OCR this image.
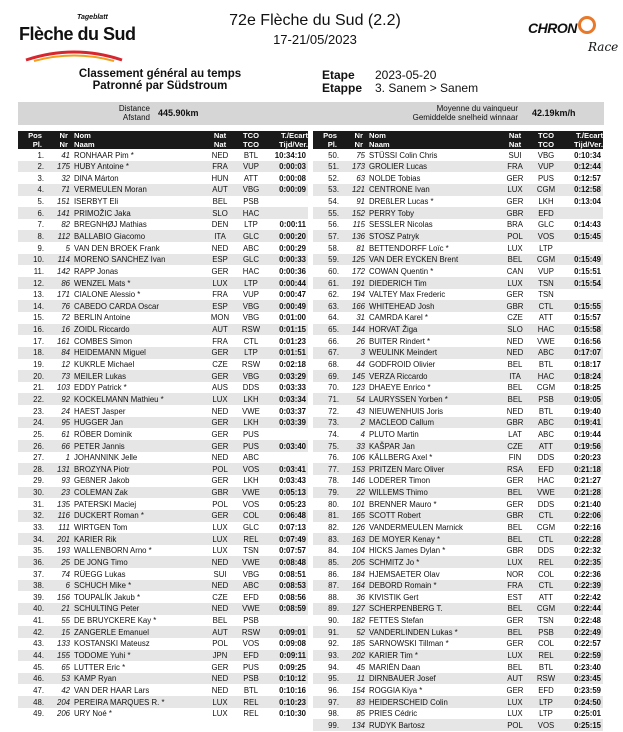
Tageblatt
Flèche du Sud
72e Flèche du Sud (2.2)
17-21/05/2023
CHRON
Race
Classement général au temps
Patronné par Südstroum
Etape
Etappe
2023-05-20
3. Sanem > Sanem
Distance
Afstand 445.90km	Moyenne du vainqueur
Gemiddelde snelheid winnaar 42.19km/h
Pos
Pl.
Nr
Nr
Nom
Naam
Nat
Nat
TCO
TCO
T./Ecart
Tijd/Ver.
1.	41 RONHAAR Pim *	NED	BTL	10:34:10
2.	175 HUBY Antoine *	FRA	VUP	0:00:03
3.	32 DINA Márton	HUN	ATT	0:00:08
4.	71 VERMEULEN Moran	AUT	VBG	0:00:09
5.	151 ISERBYT Eli	BEL	PSB
6.	141 PRIMOŽIC Jaka	SLO	HAC
7.	82 BREGNHØJ Mathias	DEN	LTP	0:00:11
8.	112 BALLABIO Giacomo	ITA	GLC	0:00:20
9.	5 VAN DEN BROEK Frank	NED	ABC	0:00:29
10.	114 MORENO SANCHEZ Ivan	ESP	GLC	0:00:33
11.	142 RAPP Jonas	GER	HAC	0:00:36
12.	86 WENZEL Mats *	LUX	LTP	0:00:44
13.	171 CIALONE Alessio *	FRA	VUP	0:00:47
14.	76 CABEDO CARDA Oscar	ESP	VBG	0:00:49
15.	72 BERLIN Antoine	MON	VBG	0:01:00
16.	16 ZOIDL Riccardo	AUT	RSW	0:01:15
17.	161 COMBES Simon	FRA	CTL	0:01:23
18.	84 HEIDEMANN Miguel	GER	LTP	0:01:51
19.	12 KUKRLE Michael	CZE	RSW	0:02:18
20.	73 MEILER Lukas	GER	VBG	0:03:29
21.	103 EDDY Patrick *	AUS	DDS	0:03:33
22.	92 KOCKELMANN Mathieu *	LUX	LKH	0:03:34
23.	24 HAEST Jasper	NED	VWE	0:03:37
24.	95 HUGGER Jan	GER	LKH	0:03:39
25.	61 RÖBER Dominik	GER	PUS
26.	66 PETER Jannis	GER	PUS	0:03:40
27.	1 JOHANNINK Jelle	NED	ABC
28.	131 BROZYNA Piotr	POL	VOS	0:03:41
29.	93 GEßNER Jakob	GER	LKH	0:03:43
30.	23 COLEMAN Zak	GBR	VWE	0:05:13
31.	135 PATERSKI Maciej	POL	VOS	0:05:23
32.	116 DUCKERT Roman *	GER	COL	0:06:48
33.	111 WIRTGEN Tom	LUX	GLC	0:07:13
34.	201 KARIER Rik	LUX	REL	0:07:49
35.	193 WALLENBORN Arno *	LUX	TSN	0:07:57
36.	25 DE JONG Timo	NED	VWE	0:08:48
37.	74 RÜEGG Lukas	SUI	VBG	0:08:51
38.	6 SCHUCH Mike *	NED	ABC	0:08:53
39.	156 TOUPALÍK Jakub *	CZE	EFD	0:08:56
40.	21 SCHULTING Peter	NED	VWE	0:08:59
41.	55 DE BRUYCKERE Kay *	BEL	PSB
42.	15 ZANGERLE Emanuel	AUT	RSW	0:09:01
43.	133 KOSTANSKI Mateusz	POL	VOS	0:09:08
44.	155 TODOME Yuhi *	JPN	EFD	0:09:11
45.	65 LUTTER Eric *	GER	PUS	0:09:25
46.	53 KAMP Ryan	NED	PSB	0:10:12
47.	42 VAN DER HAAR Lars	NED	BTL	0:10:16
48.	204 PEREIRA MARQUES R. *	LUX	REL	0:10:23
49.	206 URY Noé *	LUX	REL	0:10:30
Pos
Pl.
Nr
Nr
Nom
Naam
Nat
Nat
TCO
TCO
T./Ecart
Tijd/Ver.
50.	75 STÜSSI Colin Chris	SUI	VBG	0:10:34
51.	173 GROLIER Lucas	FRA	VUP	0:12:44
52.	63 NOLDE Tobias	GER	PUS	0:12:57
53.	121 CENTRONE Ivan	LUX	CGM	0:12:58
54.	91 DREßLER Lucas *	GER	LKH	0:13:04
55.	152 PERRY Toby	GBR	EFD
56.	115 SESSLER Nicolas	BRA	GLC	0:14:43
57.	136 STOSZ Patryk	POL	VOS	0:15:45
58.	81 BETTENDORFF Loïc *	LUX	LTP
59.	125 VAN DER EYCKEN Brent	BEL	CGM	0:15:49
60.	172 COWAN Quentin *	CAN	VUP	0:15:51
61.	191 DIEDERICH Tim	LUX	TSN	0:15:54
62.	194 VALTEY Max Frederic	GER	TSN
63.	166 WHITEHEAD Josh	GBR	CTL	0:15:55
64.	31 CAMRDA Karel *	CZE	ATT	0:15:57
65.	144 HORVAT Žiga	SLO	HAC	0:15:58
66.	26 BUITER Rindert *	NED	VWE	0:16:56
67.	3 WEULINK Meindert	NED	ABC	0:17:07
68.	44 GODFROID Olivier	BEL	BTL	0:18:17
69.	145 VERZA Riccardo	ITA	HAC	0:18:24
70.	123 DHAEYE Enrico *	BEL	CGM	0:18:25
71.	54 LAURYSSEN Yorben *	BEL	PSB	0:19:05
72.	43 NIEUWENHUIS Joris	NED	BTL	0:19:40
73.	2 MACLEOD Callum	GBR	ABC	0:19:41
74.	4 PLUTO Martin	LAT	ABC	0:19:44
75.	33 KAŠPAR Jan	CZE	ATT	0:19:56
76.	106 KÄLLBERG Axel *	FIN	DDS	0:20:23
77.	153 PRITZEN Marc Oliver	RSA	EFD	0:21:18
78.	146 LODERER Timon	GER	HAC	0:21:27
79.	22 WILLEMS Thimo	BEL	VWE	0:21:28
80.	101 BRENNER Mauro *	GER	DDS	0:21:40
81.	165 SCOTT Robert	GBR	CTL	0:22:06
82.	126 VANDERMEULEN Marnick	BEL	CGM	0:22:16
83.	163 DE MOYER Kenay *	BEL	CTL	0:22:28
84.	104 HICKS James Dylan *	GBR	DDS	0:22:32
85.	205 SCHMITZ Jo *	LUX	REL	0:22:35
86.	184 HJEMSAETER Olav	NOR	COL	0:22:36
87.	164 DEBORD Romain *	FRA	CTL	0:22:39
88.	36 KIVISTIK Gert	EST	ATT	0:22:42
89.	127 SCHERPENBERG T.	BEL	CGM	0:22:44
90.	182 FETTES Stefan	GER	TSN	0:22:48
91.	52 VANDERLINDEN Lukas *	BEL	PSB	0:22:49
92.	185 SARNOWSKI Tillman *	GER	COL	0:22:57
93.	202 KARIER Tim *	LUX	REL	0:22:59
94.	45 MARIËN Daan	BEL	BTL	0:23:40
95.	11 DIRNBAUER Josef	AUT	RSW	0:23:45
96.	154 ROGGIA Kiya *	GER	EFD	0:23:59
97.	83 HEIDERSCHEID Colin	LUX	LTP	0:24:50
98.	85 PRIES Cédric	LUX	LTP	0:25:01
99.	134 RUDYK Bartosz	POL	VOS	0:25:15
